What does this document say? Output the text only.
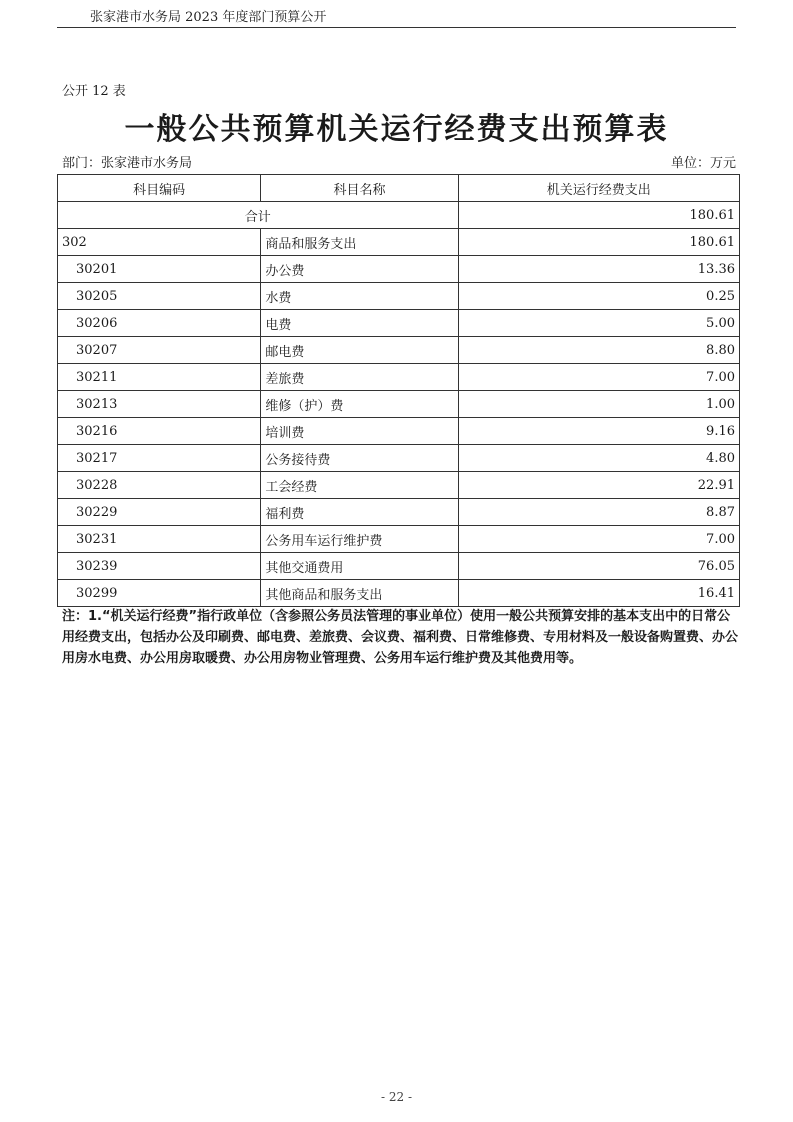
张家港市水务局 2023 年度部门预算公开
公开 12 表
一般公共预算机关运行经费支出预算表
部门：张家港市水务局	单位：万元
科目编码	科目名称	机关运行经费支出
合计		180.61
302	商品和服务支出	180.61
30201	办公费	13.36
30205	水费	0.25
30206	电费	5.00
30207	邮电费	8.80
30211	差旅费	7.00
30213	维修（护）费	1.00
30216	培训费	9.16
30217	公务接待费	4.80
30228	工会经费	22.91
30229	福利费	8.87
30231	公务用车运行维护费	7.00
30239	其他交通费用	76.05
30299	其他商品和服务支出	16.41
注：1.“机关运行经费”指行政单位（含参照公务员法管理的事业单位）使用一般公共预算安排的基本支出中的日常公用经费支出，包括办公及印刷费、邮电费、差旅费、会议费、福利费、日常维修费、专用材料及一般设备购置费、办公用房水电费、办公用房取暖费、办公用房物业管理费、公务用车运行维护费及其他费用等。
- 22 -
